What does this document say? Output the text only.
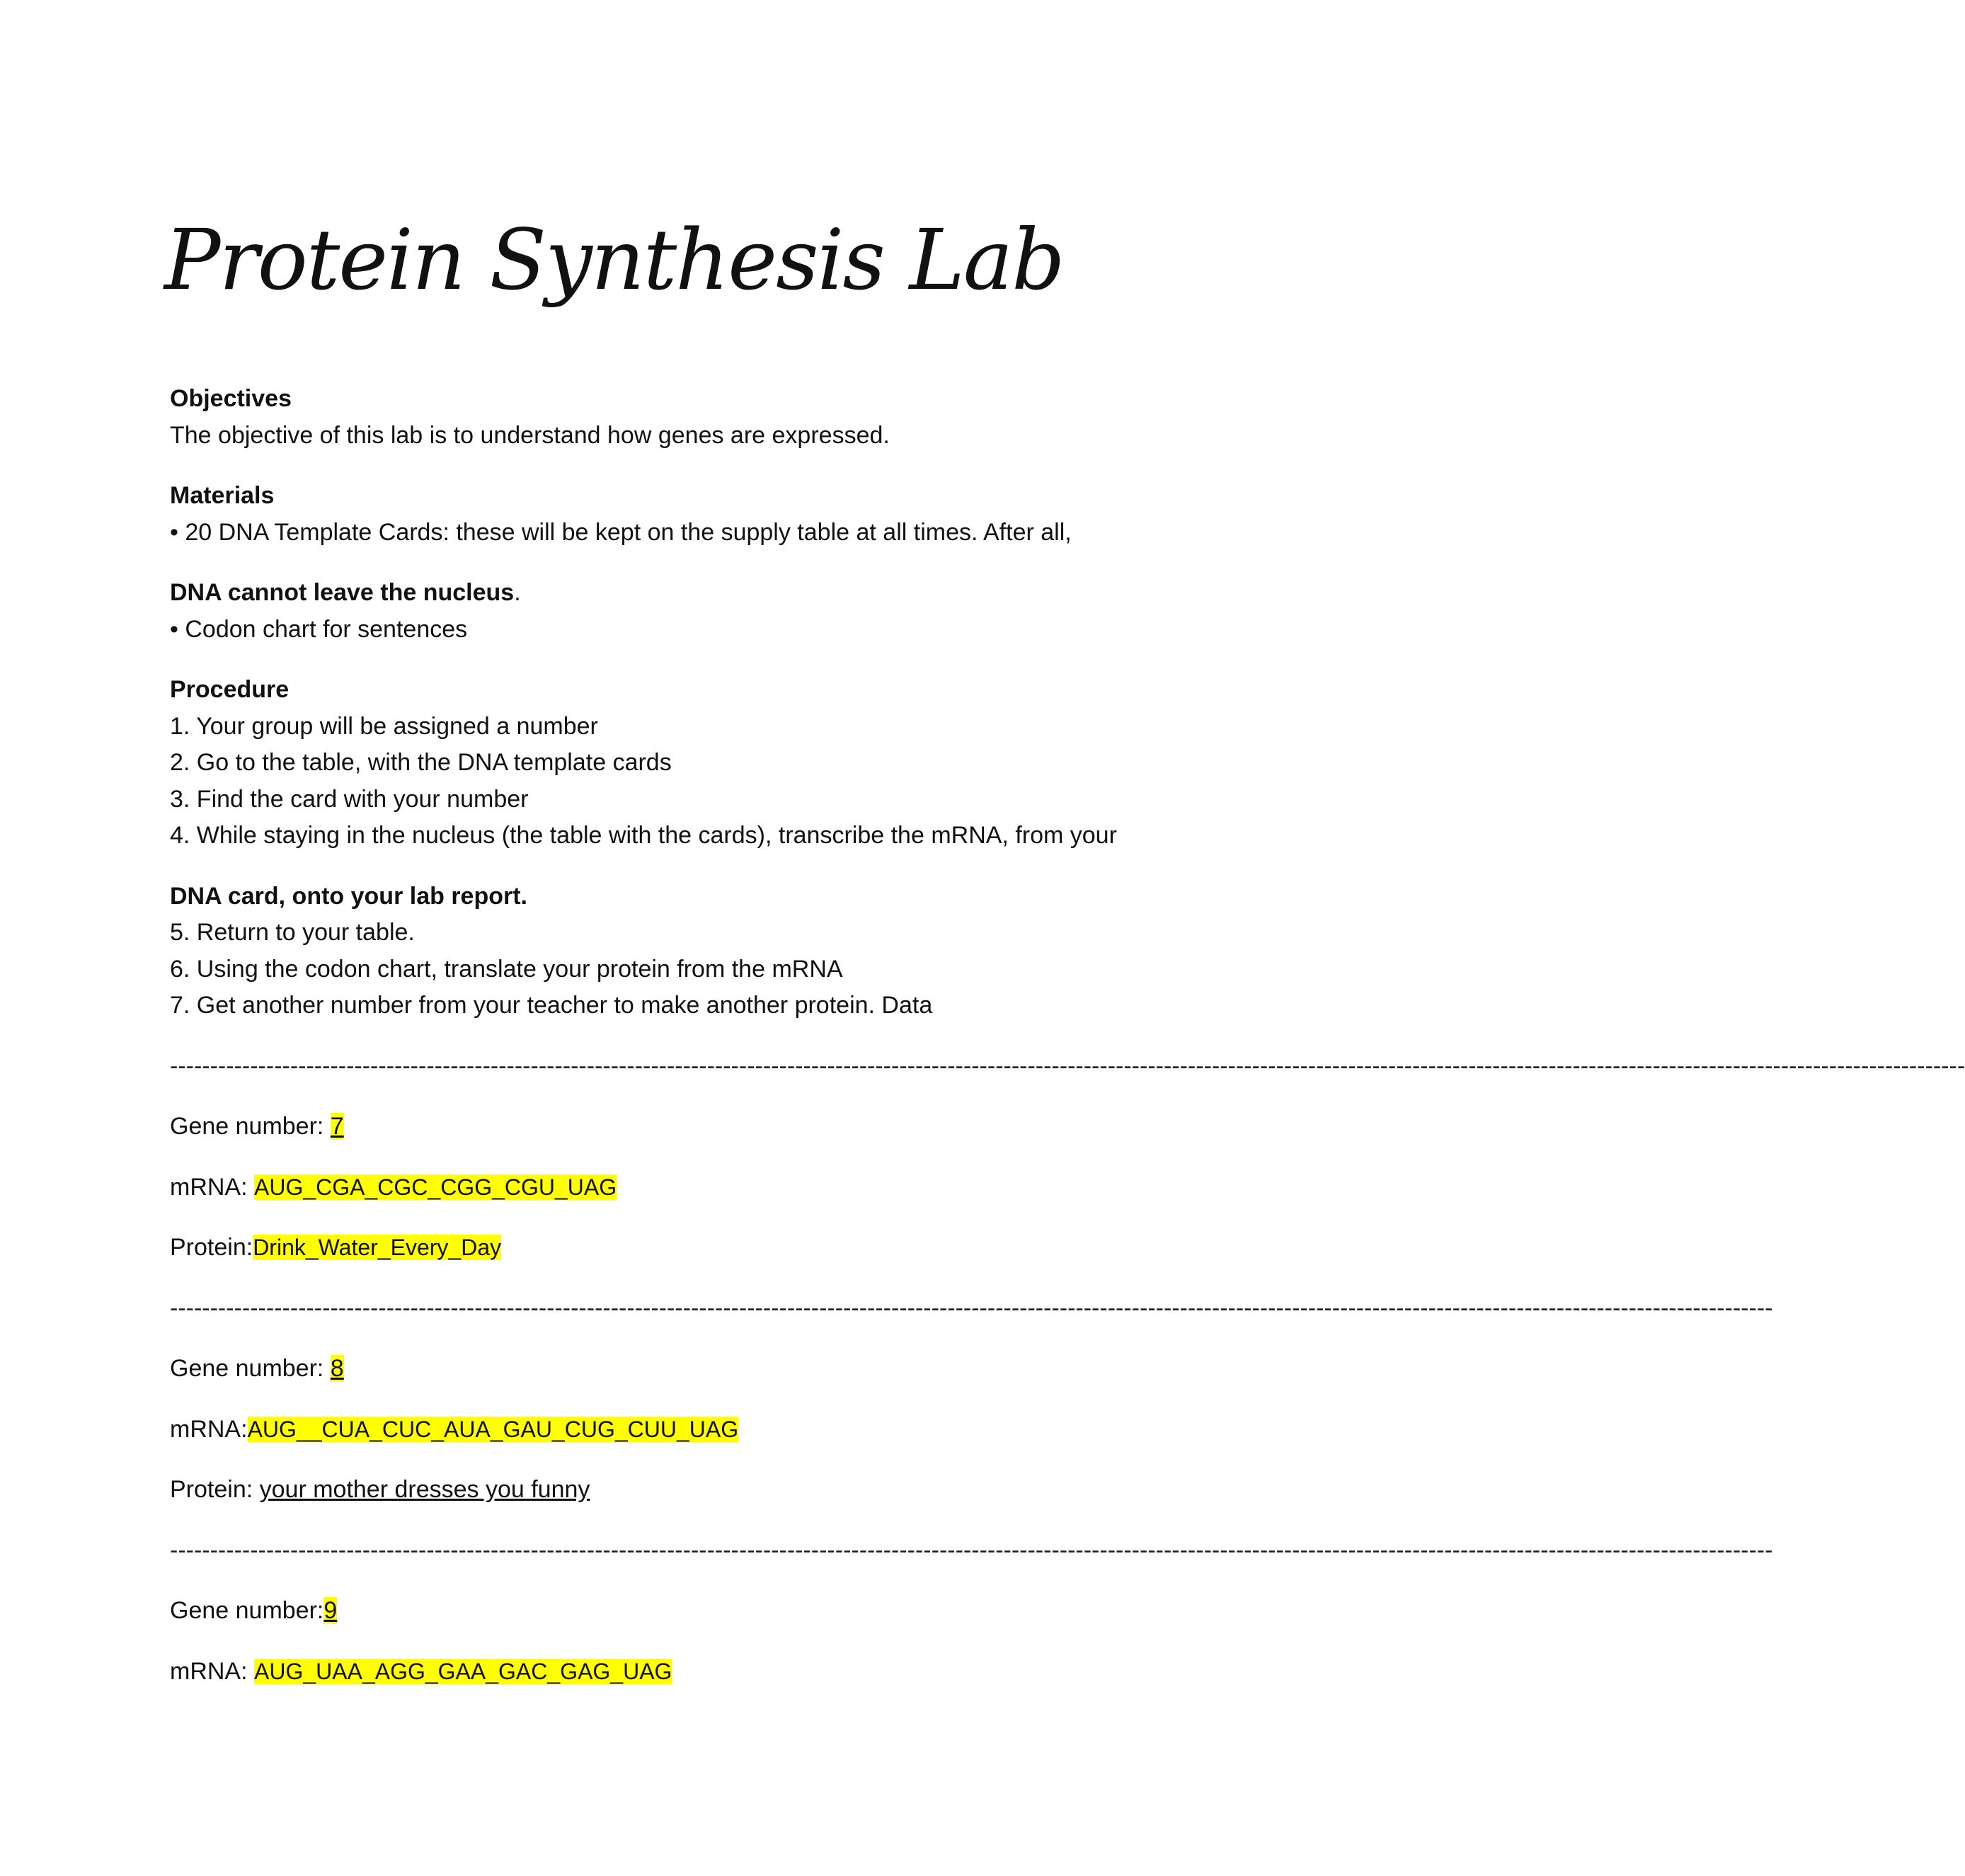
Protein Synthesis Lab
Objectives
The objective of this lab is to understand how genes are expressed.
Materials
• 20 DNA Template Cards: these will be kept on the supply table at all times. After all,
DNA cannot leave the nucleus.
• Codon chart for sentences
Procedure
1. Your group will be assigned a number
2. Go to the table, with the DNA template cards
3. Find the card with your number
4. While staying in the nucleus (the table with the cards), transcribe the mRNA, from your
DNA card, onto your lab report.
5. Return to your table.
6. Using the codon chart, translate your protein from the mRNA
7. Get another number from your teacher to make another protein. Data
--------------------------------------------------------------------------------------------------------------------------------------------------------------------------------------------------------------------------------
Gene number: 7
mRNA: AUG_CGA_CGC_CGG_CGU_UAG
Protein:Drink_Water_Every_Day
--------------------------------------------------------------------------------------------------------------------------------------------------------------------------------------------------------
Gene number: 8
mRNA:AUG__CUA_CUC_AUA_GAU_CUG_CUU_UAG
Protein: your mother dresses you funny
--------------------------------------------------------------------------------------------------------------------------------------------------------------------------------------------------------
Gene number:9
mRNA: AUG_UAA_AGG_GAA_GAC_GAG_UAG
